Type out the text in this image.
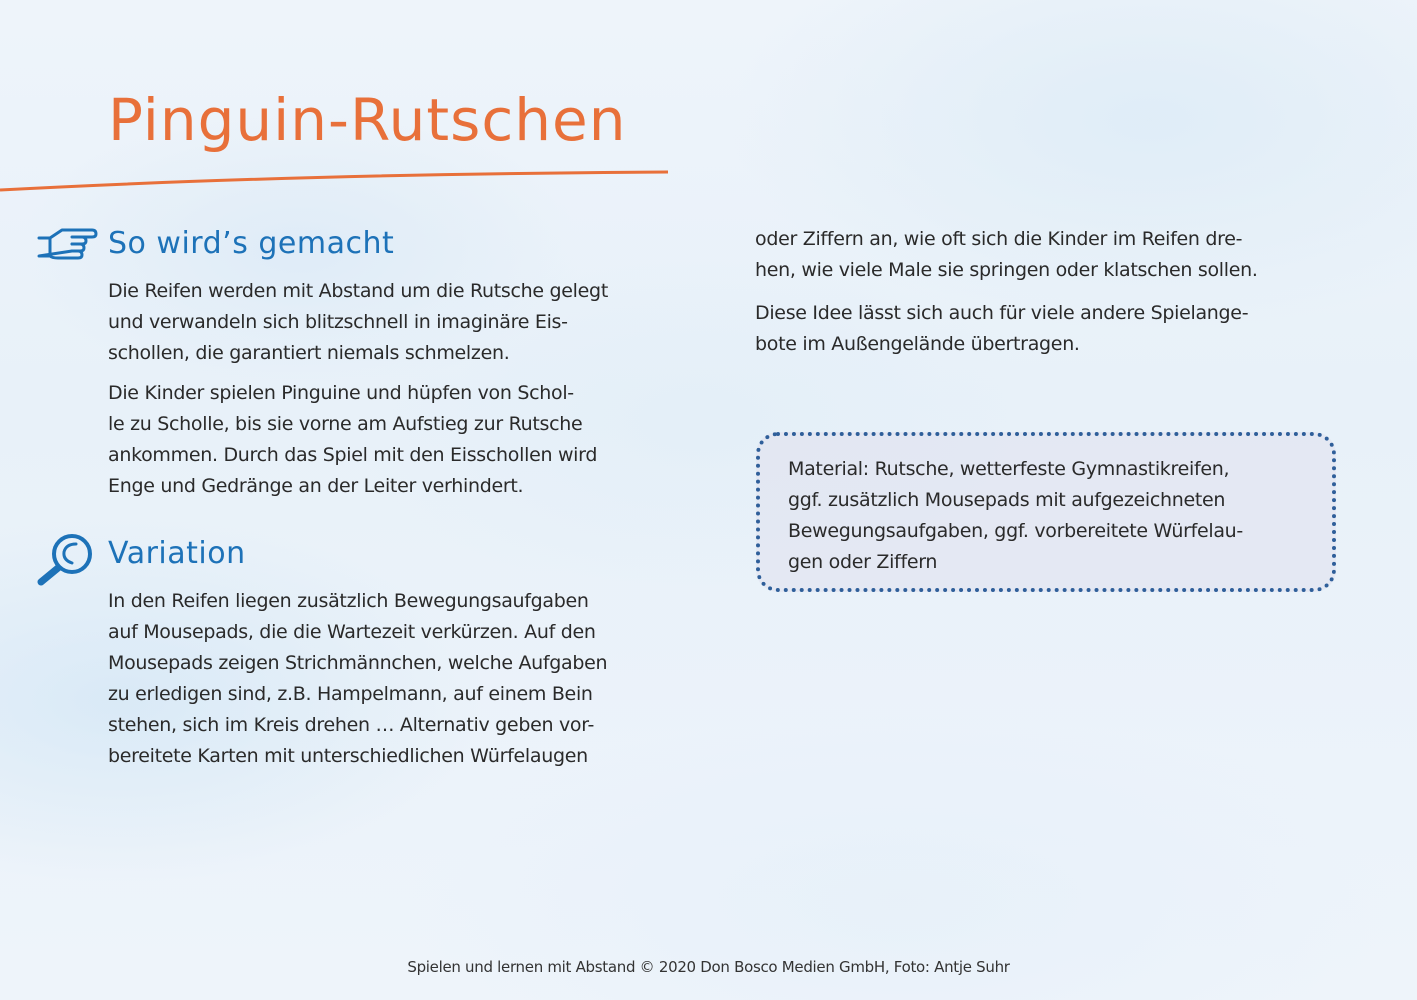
Pinguin-Rutschen
So wird’s gemacht

Die Reifen werden mit Abstand um die Rutsche gelegt
und verwandeln sich blitzschnell in imaginäre Eis-
schollen, die garantiert niemals schmelzen.

Die Kinder spielen Pinguine und hüpfen von Schol-
le zu Scholle, bis sie vorne am Aufstieg zur Rutsche
ankommen. Durch das Spiel mit den Eisschollen wird
Enge und Gedränge an der Leiter verhindert.

Variation

In den Reifen liegen zusätzlich Bewegungsaufgaben
auf Mousepads, die die Wartezeit verkürzen. Auf den
Mousepads zeigen Strichmännchen, welche Aufgaben
zu erledigen sind, z.B. Hampelmann, auf einem Bein
stehen, sich im Kreis drehen … Alternativ geben vor-
bereitete Karten mit unterschiedlichen Würfelaugen

oder Ziffern an, wie oft sich die Kinder im Reifen dre-
hen, wie viele Male sie springen oder klatschen sollen.

Diese Idee lässt sich auch für viele andere Spielange-
bote im Außengelände übertragen.

Material: Rutsche, wetterfeste Gymnastikreifen,
ggf. zusätzlich Mousepads mit aufgezeichneten
Bewegungsaufgaben, ggf. vorbereitete Würfelau-
gen oder Ziffern

Spielen und lernen mit Abstand © 2020 Don Bosco Medien GmbH, Foto: Antje Suhr
